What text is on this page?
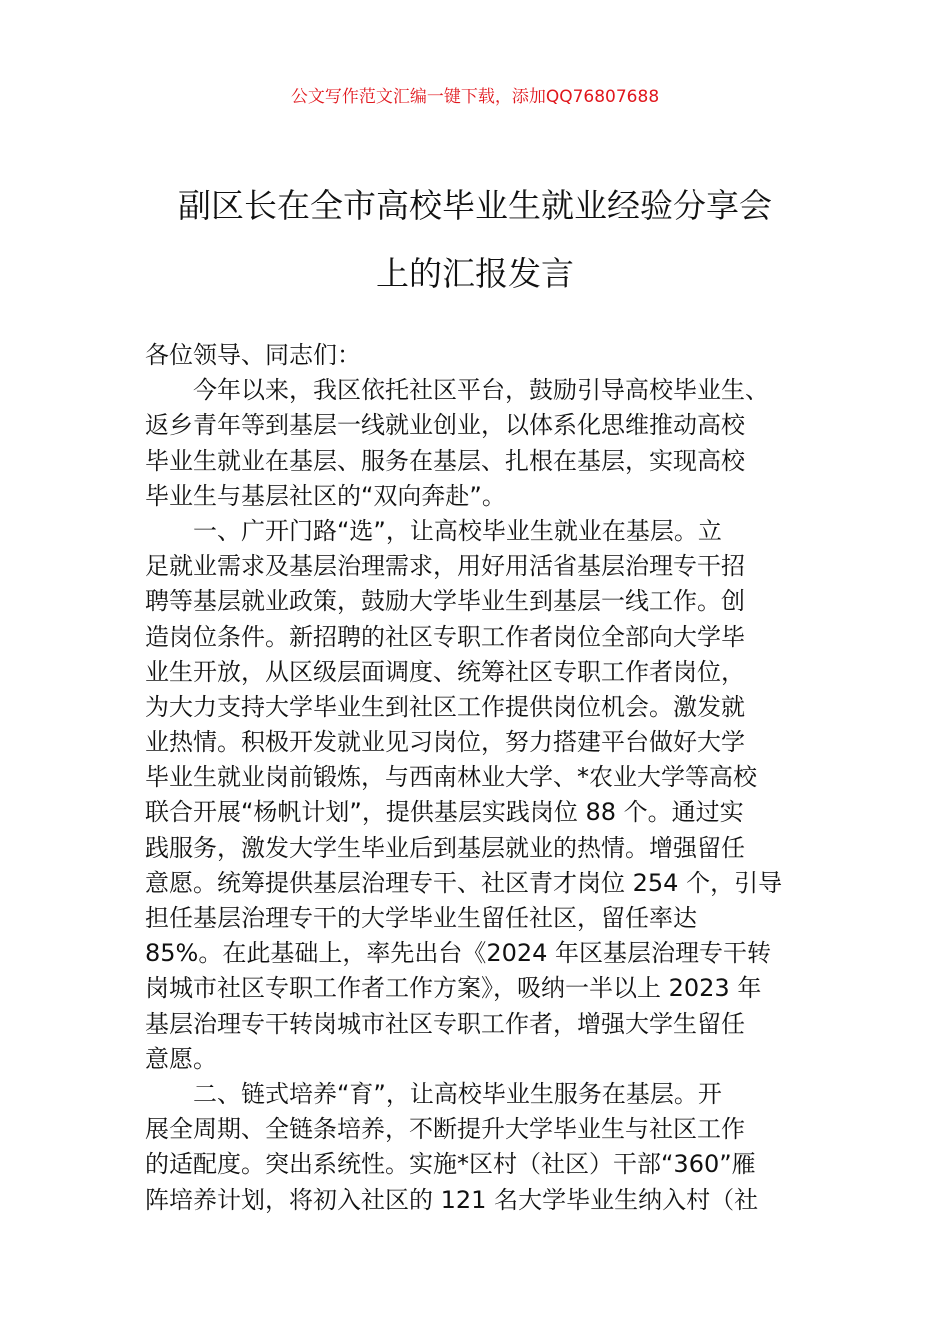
公文写作范文汇编一键下载，添加QQ76807688
副区长在全市高校毕业生就业经验分享会
上的汇报发言
各位领导、同志们：
今年以来，我区依托社区平台，鼓励引导高校毕业生、
返乡青年等到基层一线就业创业，以体系化思维推动高校
毕业生就业在基层、服务在基层、扎根在基层，实现高校
毕业生与基层社区的“双向奔赴”。
一、广开门路“选”，让高校毕业生就业在基层。立
足就业需求及基层治理需求，用好用活省基层治理专干招
聘等基层就业政策，鼓励大学毕业生到基层一线工作。创
造岗位条件。新招聘的社区专职工作者岗位全部向大学毕
业生开放，从区级层面调度、统筹社区专职工作者岗位，
为大力支持大学毕业生到社区工作提供岗位机会。激发就
业热情。积极开发就业见习岗位，努力搭建平台做好大学
毕业生就业岗前锻炼，与西南林业大学、*农业大学等高校
联合开展“杨帆计划”，提供基层实践岗位 88 个。通过实
践服务，激发大学生毕业后到基层就业的热情。增强留任
意愿。统筹提供基层治理专干、社区青才岗位 254 个，引导
担任基层治理专干的大学毕业生留任社区，留任率达
85%。在此基础上，率先出台《2024 年区基层治理专干转
岗城市社区专职工作者工作方案》，吸纳一半以上 2023 年
基层治理专干转岗城市社区专职工作者，增强大学生留任
意愿。
二、链式培养“育”，让高校毕业生服务在基层。开
展全周期、全链条培养，不断提升大学毕业生与社区工作
的适配度。突出系统性。实施*区村（社区）干部“360”雁
阵培养计划，将初入社区的 121 名大学毕业生纳入村（社
